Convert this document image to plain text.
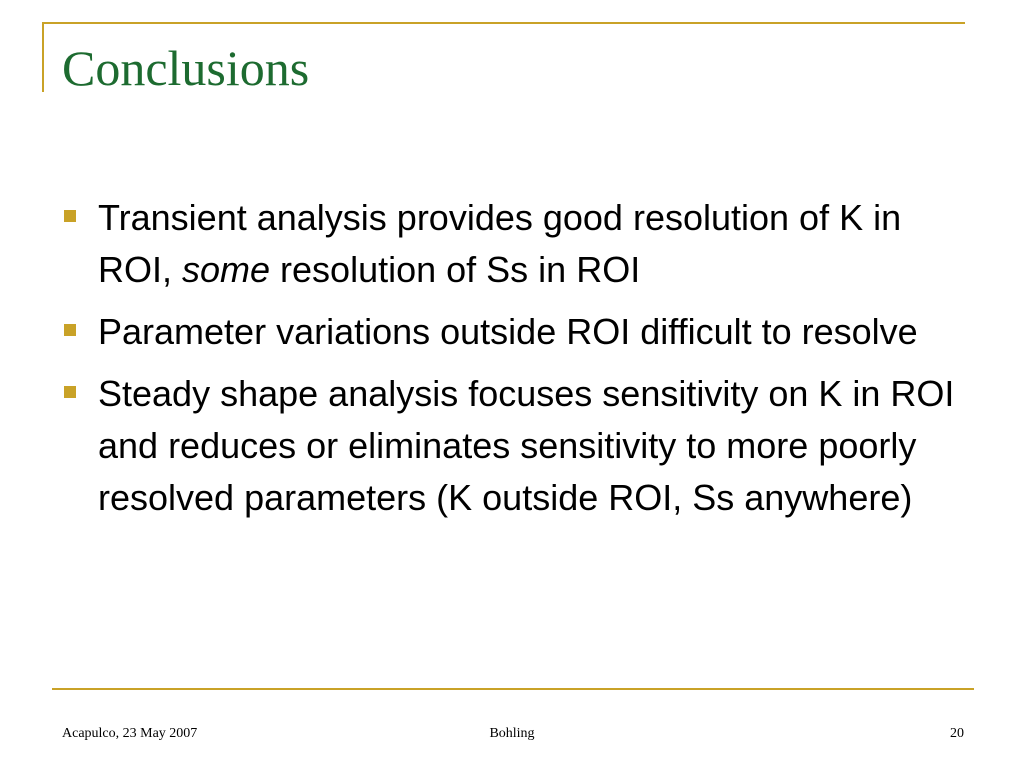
Conclusions
Transient analysis provides good resolution of K in ROI, some resolution of Ss in ROI
Parameter variations outside ROI difficult to resolve
Steady shape analysis focuses sensitivity on K in ROI and reduces or eliminates sensitivity to more poorly resolved parameters (K outside ROI, Ss anywhere)
Acapulco, 23 May 2007	Bohling	20
